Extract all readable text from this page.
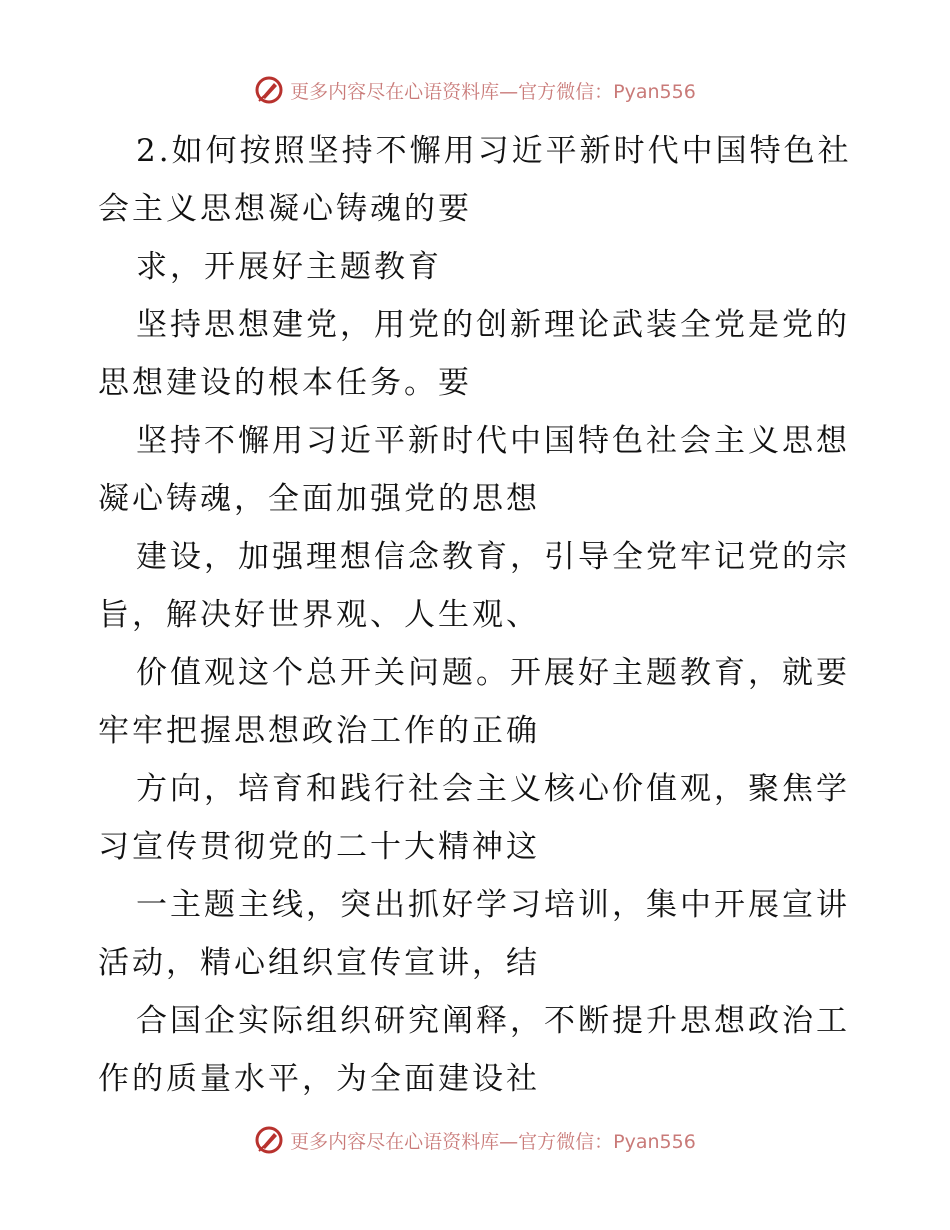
更多内容尽在心语资料库—官方微信：Pyan556
2.如何按照坚持不懈用习近平新时代中国特色社
会主义思想凝心铸魂的要
求，开展好主题教育
坚持思想建党，用党的创新理论武装全党是党的
思想建设的根本任务。要
坚持不懈用习近平新时代中国特色社会主义思想
凝心铸魂，全面加强党的思想
建设，加强理想信念教育，引导全党牢记党的宗
旨，解决好世界观、人生观、
价值观这个总开关问题。开展好主题教育，就要
牢牢把握思想政治工作的正确
方向，培育和践行社会主义核心价值观，聚焦学
习宣传贯彻党的二十大精神这
一主题主线，突出抓好学习培训，集中开展宣讲
活动，精心组织宣传宣讲，结
合国企实际组织研究阐释，不断提升思想政治工
作的质量水平，为全面建设社
更多内容尽在心语资料库—官方微信：Pyan556
